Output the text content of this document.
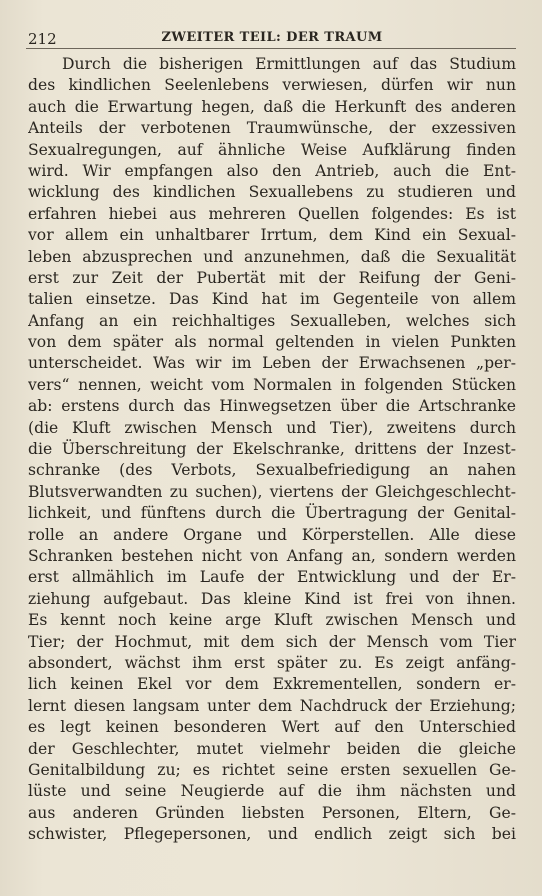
212	ZWEITER TEIL: DER TRAUM
Durch die bisherigen Ermittlungen auf das Studium
des kindlichen Seelenlebens verwiesen, dürfen wir nun
auch die Erwartung hegen, daß die Herkunft des anderen
Anteils der verbotenen Traumwünsche, der exzessiven
Sexualregungen, auf ähnliche Weise Aufklärung finden
wird. Wir empfangen also den Antrieb, auch die Ent-
wicklung des kindlichen Sexuallebens zu studieren und
erfahren hiebei aus mehreren Quellen folgendes: Es ist
vor allem ein unhaltbarer Irrtum, dem Kind ein Sexual-
leben abzusprechen und anzunehmen, daß die Sexualität
erst zur Zeit der Pubertät mit der Reifung der Geni-
talien einsetze. Das Kind hat im Gegenteile von allem
Anfang an ein reichhaltiges Sexualleben, welches sich
von dem später als normal geltenden in vielen Punkten
unterscheidet. Was wir im Leben der Erwachsenen „per-
vers“ nennen, weicht vom Normalen in folgenden Stücken
ab: erstens durch das Hinwegsetzen über die Artschranke
(die Kluft zwischen Mensch und Tier), zweitens durch
die Überschreitung der Ekelschranke, drittens der Inzest-
schranke (des Verbots, Sexualbefriedigung an nahen
Blutsverwandten zu suchen), viertens der Gleichgeschlecht-
lichkeit, und fünftens durch die Übertragung der Genital-
rolle an andere Organe und Körperstellen. Alle diese
Schranken bestehen nicht von Anfang an, sondern werden
erst allmählich im Laufe der Entwicklung und der Er-
ziehung aufgebaut. Das kleine Kind ist frei von ihnen.
Es kennt noch keine arge Kluft zwischen Mensch und
Tier; der Hochmut, mit dem sich der Mensch vom Tier
absondert, wächst ihm erst später zu. Es zeigt anfäng-
lich keinen Ekel vor dem Exkrementellen, sondern er-
lernt diesen langsam unter dem Nachdruck der Erziehung;
es legt keinen besonderen Wert auf den Unterschied
der Geschlechter, mutet vielmehr beiden die gleiche
Genitalbildung zu; es richtet seine ersten sexuellen Ge-
lüste und seine Neugierde auf die ihm nächsten und
aus anderen Gründen liebsten Personen, Eltern, Ge-
schwister, Pflegepersonen, und endlich zeigt sich bei
